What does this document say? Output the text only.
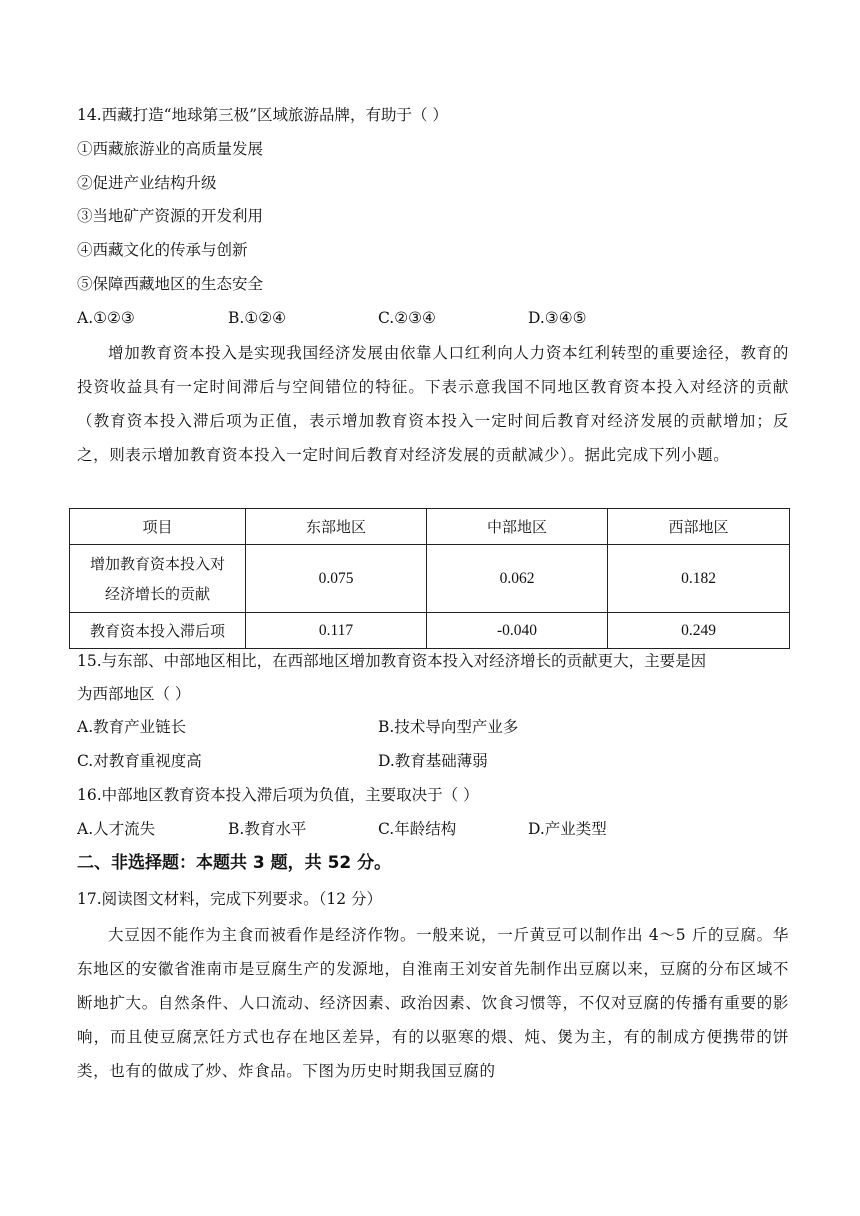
14.西藏打造“地球第三极”区域旅游品牌，有助于（ ）
①西藏旅游业的高质量发展
②促进产业结构升级
③当地矿产资源的开发利用
④西藏文化的传承与创新
⑤保障西藏地区的生态安全
A.①②③	B.①②④	C.②③④	D.③④⑤
增加教育资本投入是实现我国经济发展由依靠人口红利向人力资本红利转型的重要途径，教育的投资收益具有一定时间滞后与空间错位的特征。下表示意我国不同地区教育资本投入对经济的贡献（教育资本投入滞后项为正值，表示增加教育资本投入一定时间后教育对经济发展的贡献增加；反之，则表示增加教育资本投入一定时间后教育对经济发展的贡献减少）。据此完成下列小题。
项目	东部地区	中部地区	西部地区

增加教育资本投入对
经济增长的贡献	0.075	0.062	0.182
教育资本投入滞后项	0.117	-0.040	0.249
15.与东部、中部地区相比，在西部地区增加教育资本投入对经济增长的贡献更大，主要是因
为西部地区（ ）
A.教育产业链长	B.技术导向型产业多
C.对教育重视度高	D.教育基础薄弱
16.中部地区教育资本投入滞后项为负值，主要取决于（ ）
A.人才流失	B.教育水平	C.年龄结构	D.产业类型
二、非选择题：本题共 3 题，共 52 分。
17.阅读图文材料，完成下列要求。（12 分）
大豆因不能作为主食而被看作是经济作物。一般来说，一斤黄豆可以制作出 4～5 斤的豆腐。华东地区的安徽省淮南市是豆腐生产的发源地，自淮南王刘安首先制作出豆腐以来，豆腐的分布区域不断地扩大。自然条件、人口流动、经济因素、政治因素、饮食习惯等，不仅对豆腐的传播有重要的影响，而且使豆腐烹饪方式也存在地区差异，有的以驱寒的煨、炖、煲为主，有的制成方便携带的饼类，也有的做成了炒、炸食品。下图为历史时期我国豆腐的
